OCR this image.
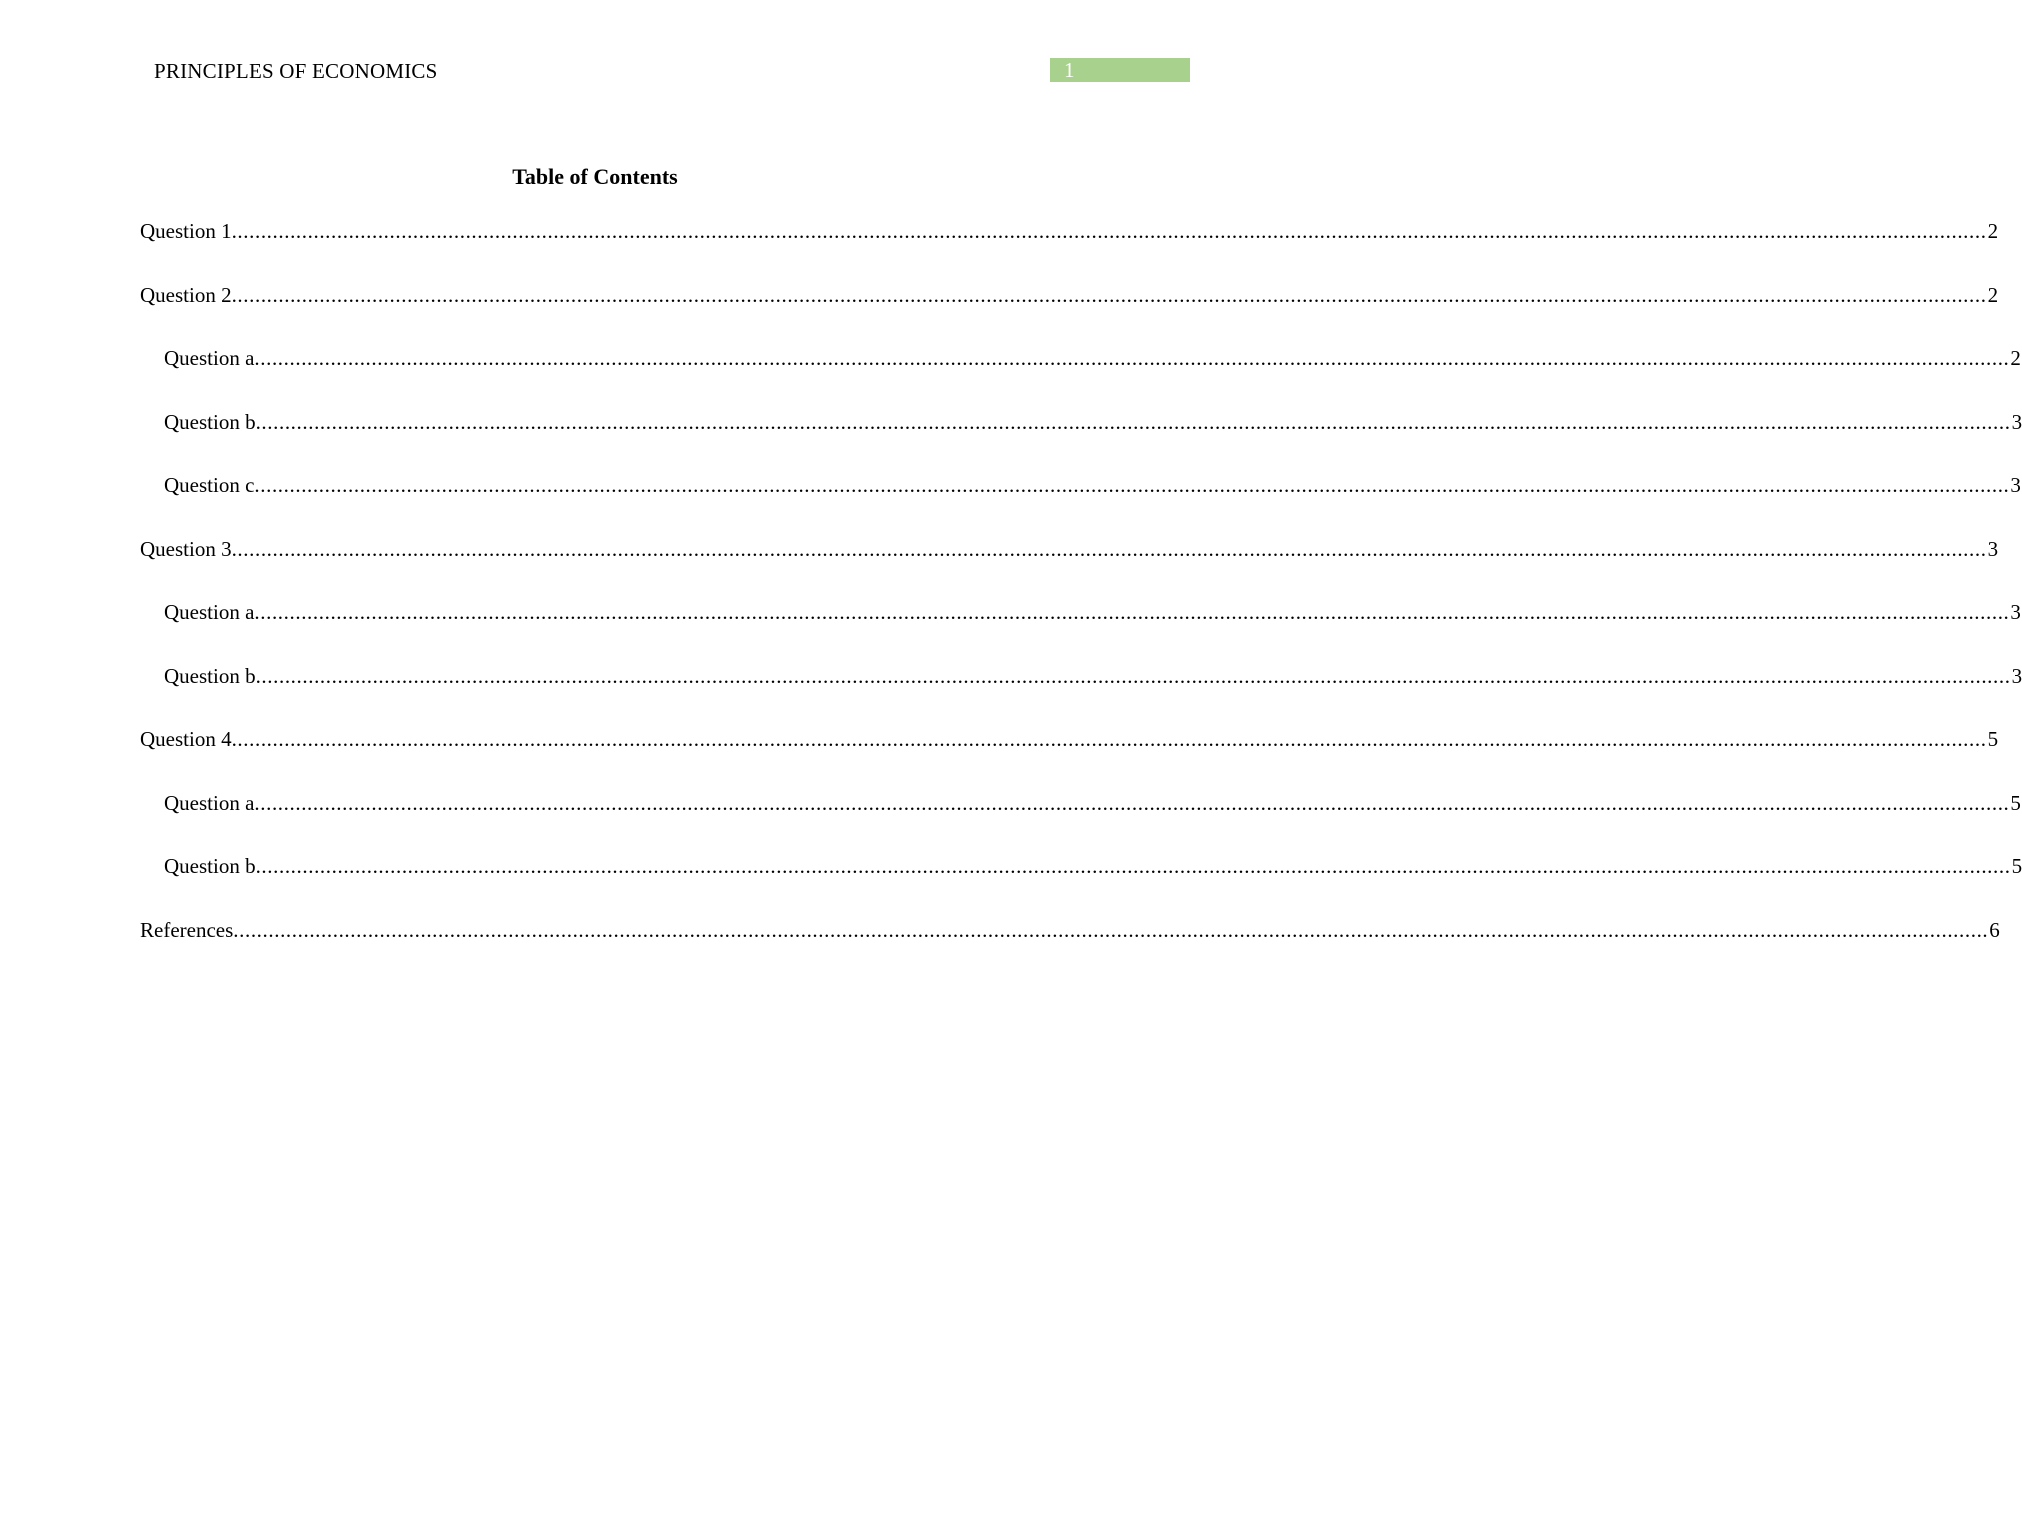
PRINCIPLES OF ECONOMICS	1
Table of Contents
Question 1 ............................................................................................................................................................................................................................................................................................................ 2
Question 2 ............................................................................................................................................................................................................................................................................................................ 2
Question a ............................................................................................................................................................................................................................................................................................................ 2
Question b ............................................................................................................................................................................................................................................................................................................ 3
Question c ............................................................................................................................................................................................................................................................................................................ 3
Question 3 ............................................................................................................................................................................................................................................................................................................ 3
Question a ............................................................................................................................................................................................................................................................................................................ 3
Question b ............................................................................................................................................................................................................................................................................................................ 3
Question 4 ............................................................................................................................................................................................................................................................................................................ 5
Question a ............................................................................................................................................................................................................................................................................................................ 5
Question b ............................................................................................................................................................................................................................................................................................................ 5
References ............................................................................................................................................................................................................................................................................................................ 6
